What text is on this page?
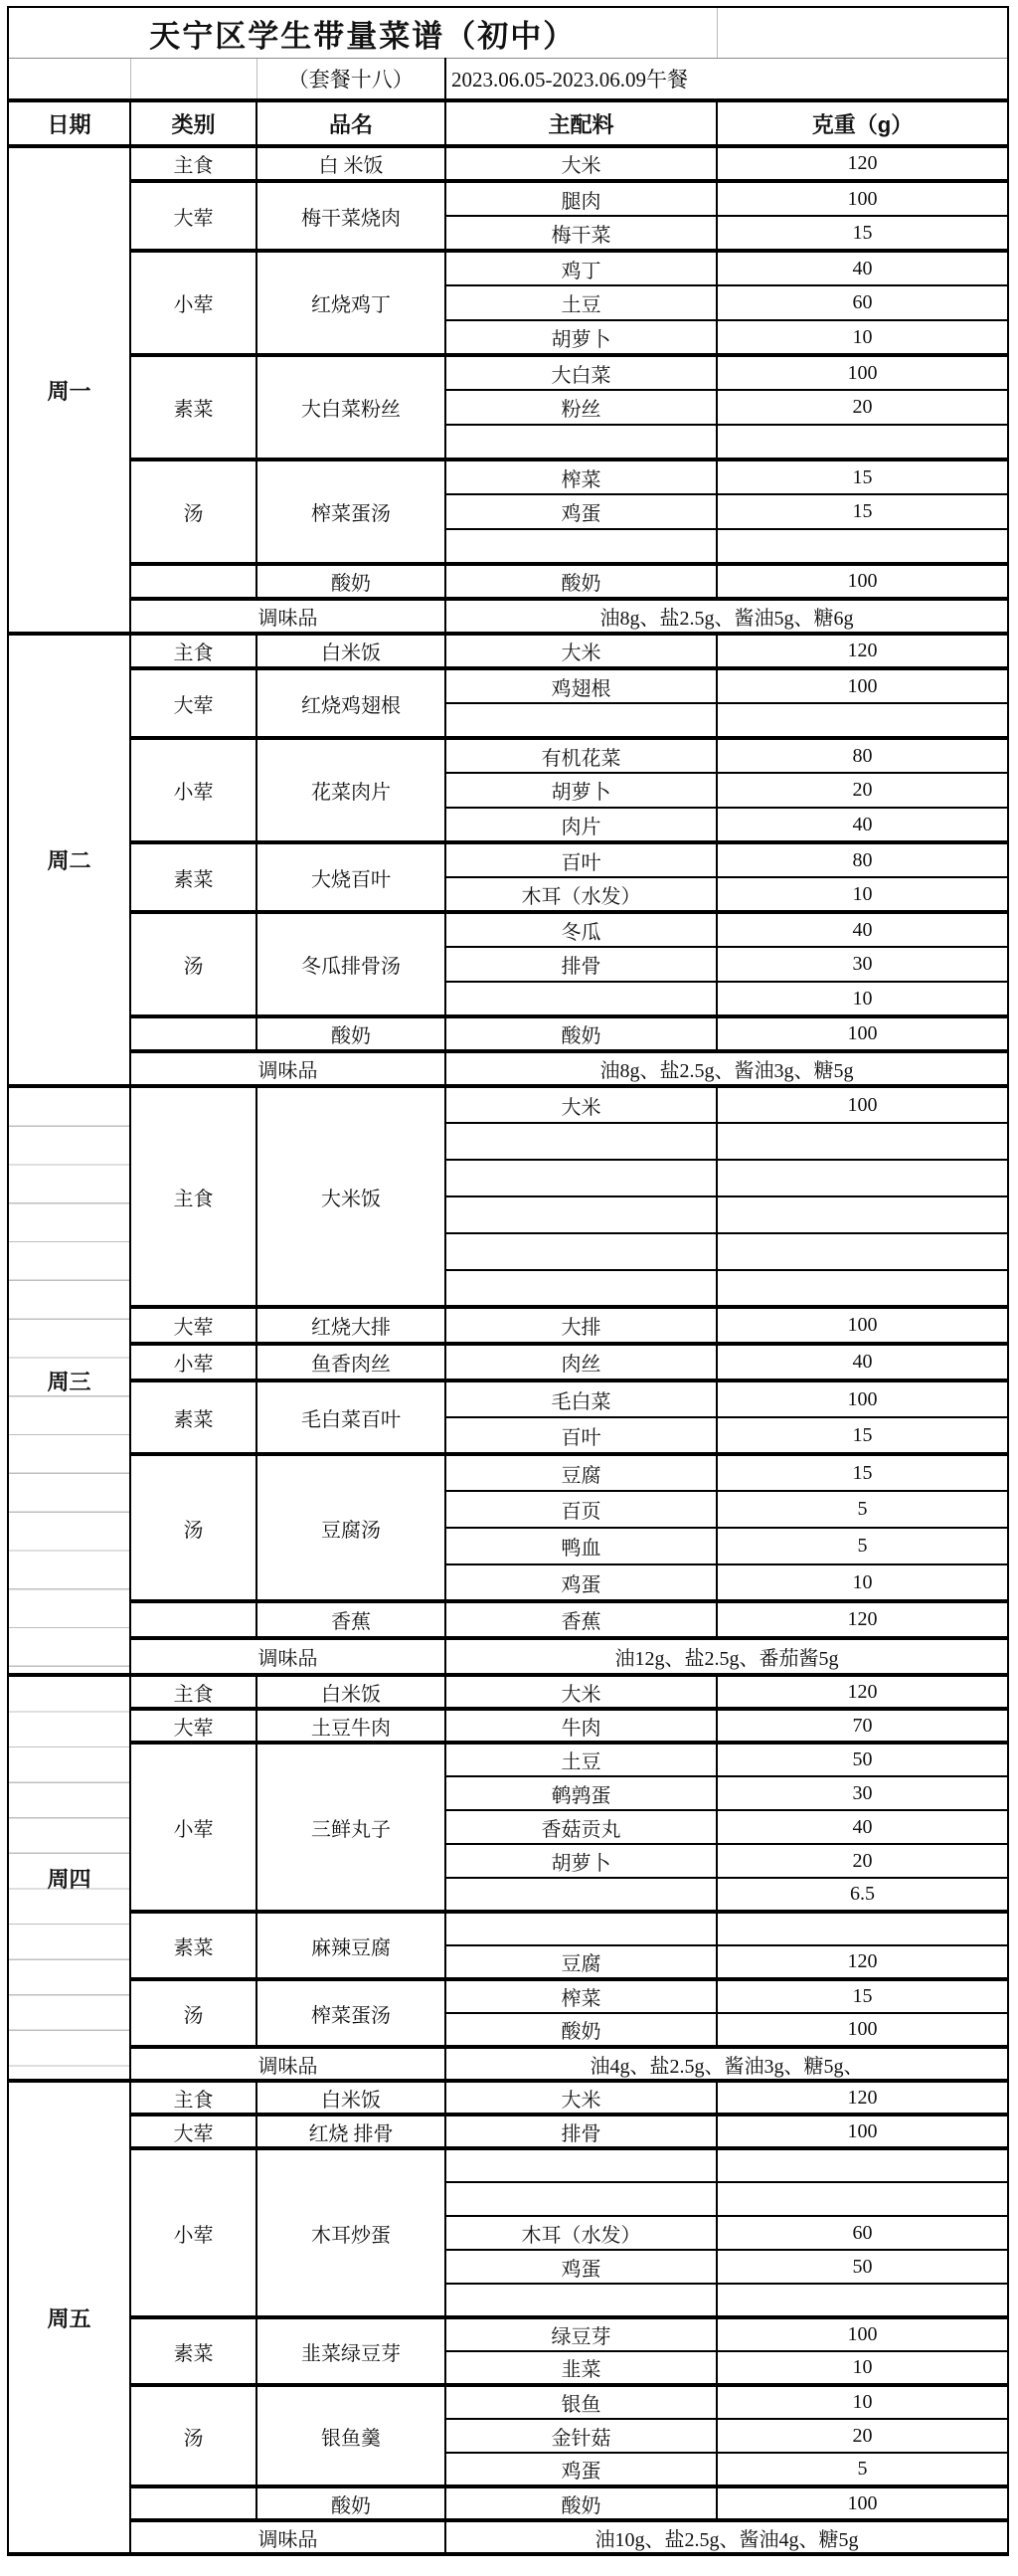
天宁区学生带量菜谱（初中）				
		（套餐十八）	2023.06.05-2023.06.09午餐	
日期	类别	品名	主配料	克重（g）
周一	主食	白 米饭	大米	120
	大荤	梅干菜烧肉	腿肉	100
			梅干菜	15
	小荤	红烧鸡丁	鸡丁	40
			土豆	60
			胡萝卜	10
	素菜	大白菜粉丝	大白菜	100
			粉丝	20

	汤	榨菜蛋汤	榨菜	15
			鸡蛋	15

		酸奶	酸奶	100
	调味品		油8g、盐2.5g、酱油5g、糖6g	
周二	主食	白米饭	大米	120
	大荤	红烧鸡翅根	鸡翅根	100

	小荤	花菜肉片	有机花菜	80
			胡萝卜	20
			肉片	40
	素菜	大烧百叶	百叶	80
			木耳（水发）	10
	汤	冬瓜排骨汤	冬瓜	40
			排骨	30
				10
		酸奶	酸奶	100
	调味品		油8g、盐2.5g、酱油3g、糖5g	
周三	主食	大米饭	大米	100

	大荤	红烧大排	大排	100
	小荤	鱼香肉丝	肉丝	40
	素菜	毛白菜百叶	毛白菜	100
			百叶	15
	汤	豆腐汤	豆腐	15
			百页	5
			鸭血	5
			鸡蛋	10
		香蕉	香蕉	120
	调味品		油12g、盐2.5g、番茄酱5g	
周四	主食	白米饭	大米	120
	大荤	土豆牛肉	牛肉	70
	小荤	三鲜丸子	土豆	50
			鹌鹑蛋	30
			香菇贡丸	40
			胡萝卜	20
				6.5
	素菜	麻辣豆腐		
			豆腐	120
	汤	榨菜蛋汤	榨菜	15
			酸奶	100
	调味品		油4g、盐2.5g、酱油3g、糖5g、	
周五	主食	白米饭	大米	120
	大荤	红烧 排骨	排骨	100
	小荤	木耳炒蛋		

			木耳（水发）	60
			鸡蛋	50

	素菜	韭菜绿豆芽	绿豆芽	100
			韭菜	10
	汤	银鱼羹	银鱼	10
			金针菇	20
			鸡蛋	5
		酸奶	酸奶	100
	调味品		油10g、盐2.5g、酱油4g、糖5g	
